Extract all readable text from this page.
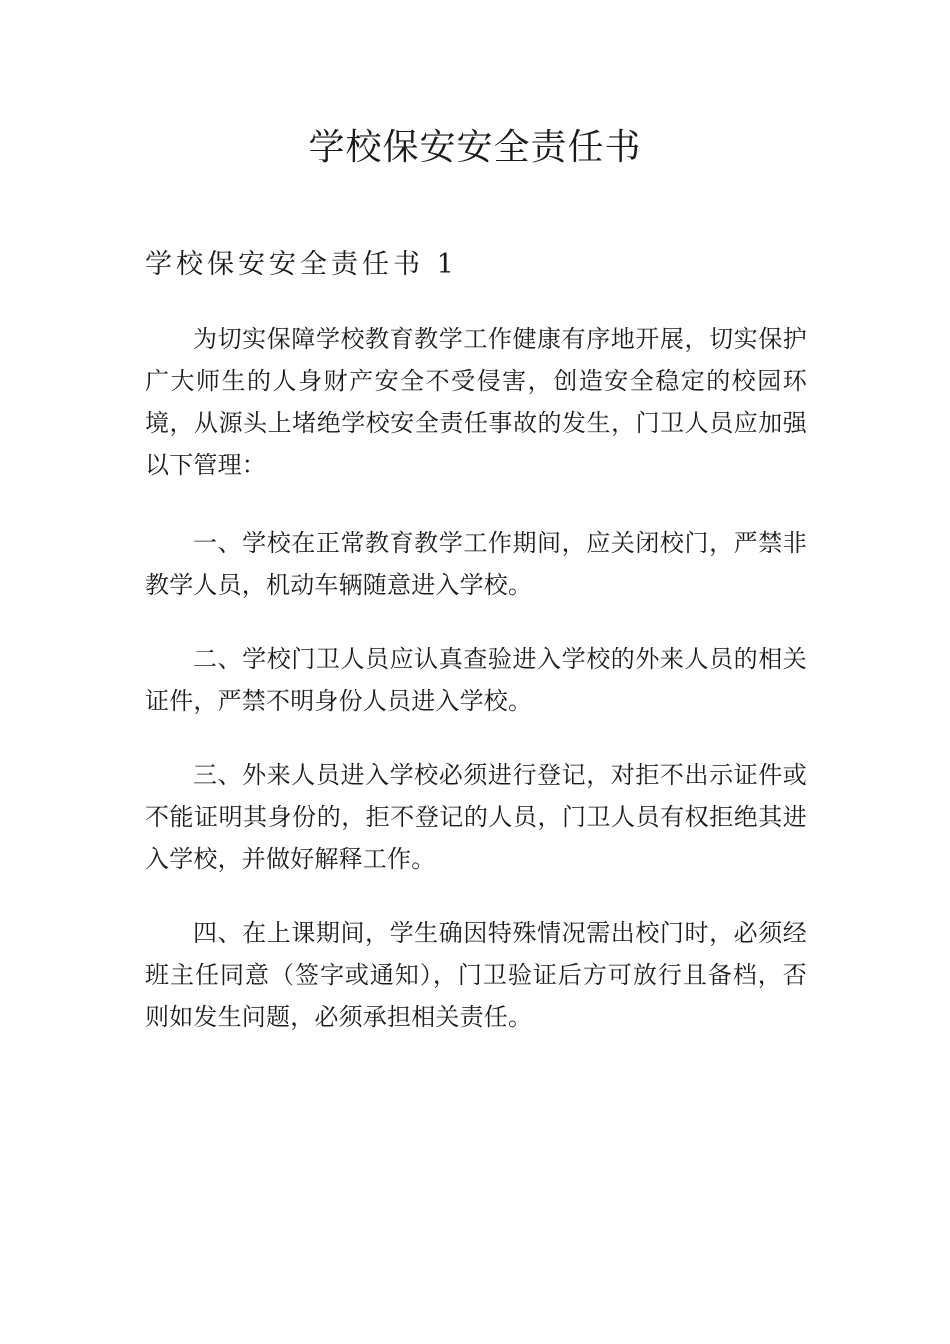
学校保安安全责任书
学校保安安全责任书 1

为切实保障学校教育教学工作健康有序地开展，切实保护广大师生的人身财产安全不受侵害，创造安全稳定的校园环境，从源头上堵绝学校安全责任事故的发生，门卫人员应加强以下管理：

一、学校在正常教育教学工作期间，应关闭校门，严禁非教学人员，机动车辆随意进入学校。

二、学校门卫人员应认真查验进入学校的外来人员的相关证件，严禁不明身份人员进入学校。

三、外来人员进入学校必须进行登记，对拒不出示证件或不能证明其身份的，拒不登记的人员，门卫人员有权拒绝其进入学校，并做好解释工作。

四、在上课期间，学生确因特殊情况需出校门时，必须经班主任同意（签字或通知），门卫验证后方可放行且备档，否则如发生问题，必须承担相关责任。
